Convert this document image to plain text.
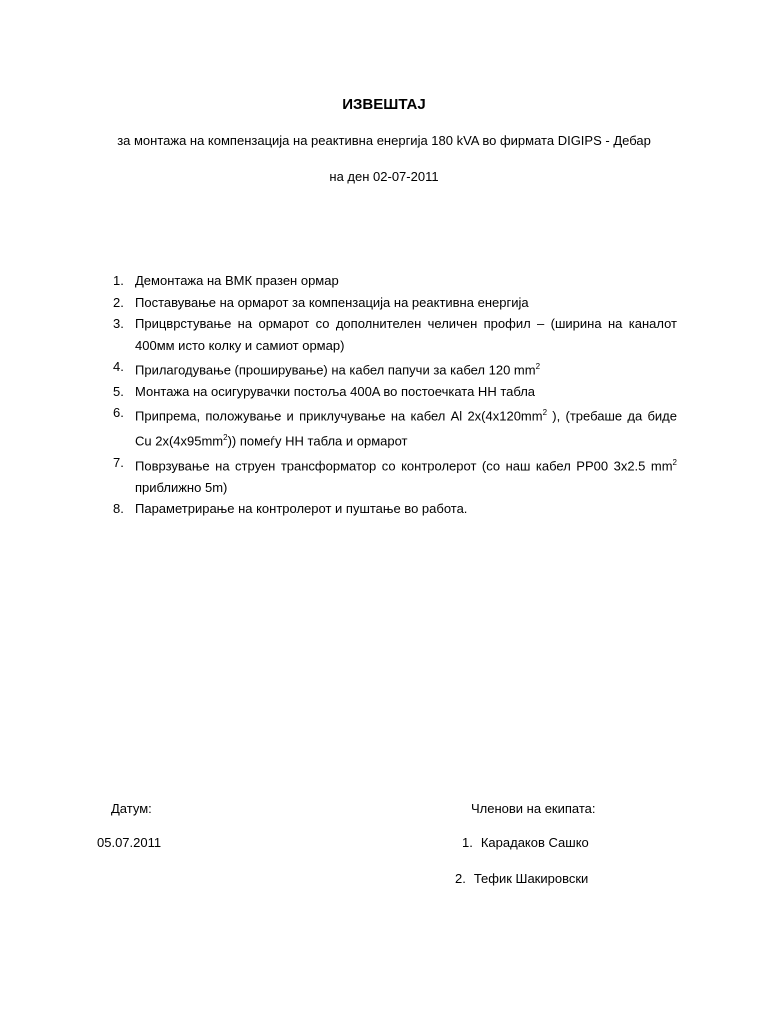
ИЗВЕШТАЈ
за монтажа на компензација на реактивна енергија 180 kVA во фирмата DIGIPS - Дебар
на ден 02-07-2011
1. Демонтажа на ВМК празен ормар
2. Поставување на ормарот за компензација на реактивна енергија
3. Прицврстување на ормарот со дополнителен челичен профил – (ширина на каналот 400мм исто колку и самиот ормар)
4. Прилагодување (проширување) на кабел папучи за кабел 120 $mm^2$
5. Монтажа на осигурувачки постоља 400A во постоечката НН табла
6. Припрема, положување и приклучување на кабел Al $2x(4x120mm^2$ ), (требаше да биде Cu $2x(4x95mm^2)$) помеѓу НН табла и ормарот
7. Поврзување на струен трансформатор со контролерот (со наш кабел PP00 3x2.5 $mm^2$ приближно 5m)
8. Параметрирање на контролерот и пуштање во работа.
Датум:
05.07.2011
Членови на екипата:
1. Карадаков Сашко
2. Тефик Шакировски
